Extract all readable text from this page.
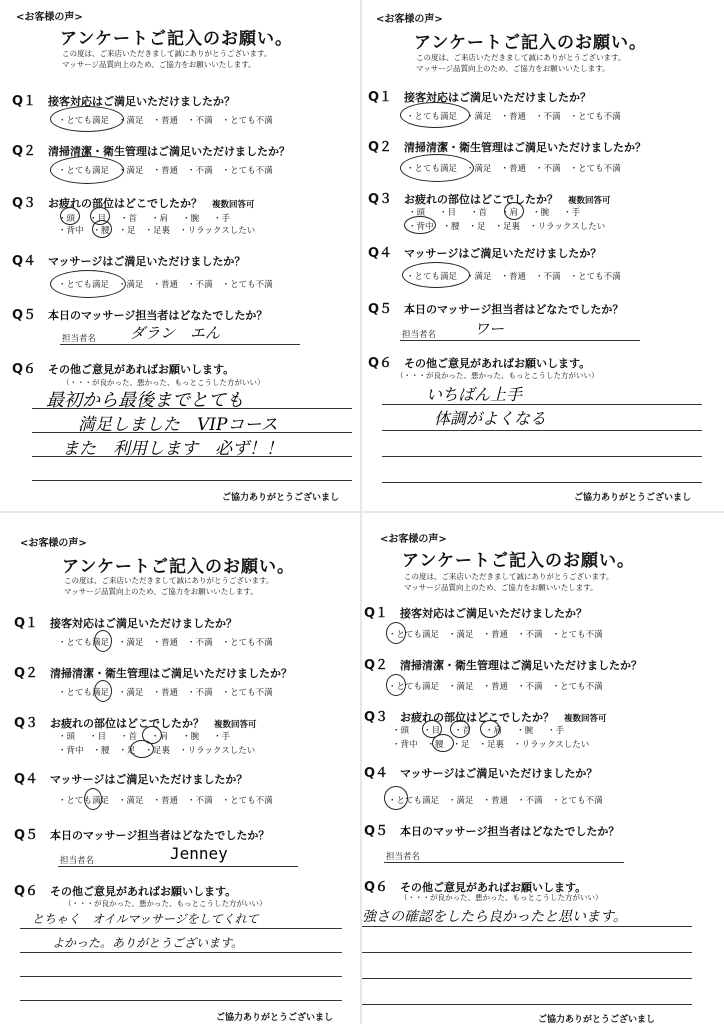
<お客様の声>
アンケートご記入のお願い。
この度は、ご来店いただきまして誠にありがとうございます。
マッサージ品質向上のため、ご協力をお願いいたします。
Q１ 接客対応はご満足いただけましたか？
・とても満足 ・満足 ・普通 ・不満 ・とても不満
Q２ 清掃清潔・衛生管理はご満足いただけましたか？
・とても満足 ・満足 ・普通 ・不満 ・とても不満
Q３ お疲れの部位はどこでしたか？ 複数回答可
・頭 ・目 ・首 ・肩 ・腕 ・手
・背中 ・腰 ・足 ・足裏 ・リラックスしたい
Q４ マッサージはご満足いただけましたか？
・とても満足 ・満足 ・普通 ・不満 ・とても不満
Q５ 本日のマッサージ担当者はどなたでしたか？
担当者名 ダラン　エん
Q６ その他ご意見があればお願いします。
（・・・が良かった、悪かった、もっとこうした方がいい）
最初から最後までとても
満足しました　VIPコース
また　利用します　必ず！！
ご協力ありがとうございまし
<お客様の声>
アンケートご記入のお願い。
この度は、ご来店いただきまして誠にありがとうございます。
マッサージ品質向上のため、ご協力をお願いいたします。
Q１ 接客対応はご満足いただけましたか？
・とても満足 ・満足 ・普通 ・不満 ・とても不満
Q２ 清掃清潔・衛生管理はご満足いただけましたか？
・とても満足 ・満足 ・普通 ・不満 ・とても不満
Q３ お疲れの部位はどこでしたか？ 複数回答可
・頭 ・目 ・首 ・肩 ・腕 ・手
・背中 ・腰 ・足 ・足裏 ・リラックスしたい
Q４ マッサージはご満足いただけましたか？
・とても満足 ・満足 ・普通 ・不満 ・とても不満
Q５ 本日のマッサージ担当者はどなたでしたか？
担当者名	ワー
Q６ その他ご意見があればお願いします。
（・・・が良かった、悪かった、もっとこうした方がいい）
いちばん上手
体調がよくなる
ご協力ありがとうございまし
<お客様の声>
アンケートご記入のお願い。
この度は、ご来店いただきまして誠にありがとうございます。
マッサージ品質向上のため、ご協力をお願いいたします。
Q１ 接客対応はご満足いただけましたか？
・とても満足 ・満足 ・普通 ・不満 ・とても不満
Q２ 清掃清潔・衛生管理はご満足いただけましたか？
・とても満足 ・満足 ・普通 ・不満 ・とても不満
Q３ お疲れの部位はどこでしたか？ 複数回答可
・頭 ・目 ・首 ・肩 ・腕 ・手
・背中 ・腰 ・足 ・足裏 ・リラックスしたい
Q４ マッサージはご満足いただけましたか？
・とても満足 ・満足 ・普通 ・不満 ・とても不満
Q５ 本日のマッサージ担当者はどなたでしたか？
担当者名	Jenney
Q６ その他ご意見があればお願いします。
（・・・が良かった、悪かった、もっとこうした方がいい）
とちゃく　オイルマッサージをしてくれて
よかった。ありがとうございます。
ご協力ありがとうございまし
<お客様の声>
アンケートご記入のお願い。
この度は、ご来店いただきまして誠にありがとうございます。
マッサージ品質向上のため、ご協力をお願いいたします。
Q１ 接客対応はご満足いただけましたか？
・とても満足 ・満足 ・普通 ・不満 ・とても不満
Q２ 清掃清潔・衛生管理はご満足いただけましたか？
・とても満足 ・満足 ・普通 ・不満 ・とても不満
Q３ お疲れの部位はどこでしたか？ 複数回答可
・頭 ・目 ・首 ・肩 ・腕 ・手
・背中 ・腰 ・足 ・足裏 ・リラックスしたい
Q４ マッサージはご満足いただけましたか？
・とても満足 ・満足 ・普通 ・不満 ・とても不満
Q５ 本日のマッサージ担当者はどなたでしたか？
担当者名
Q６ その他ご意見があればお願いします。
（・・・が良かった、悪かった、もっとこうした方がいい）
強さの確認をしたら良かったと思います。
ご協力ありがとうございまし
